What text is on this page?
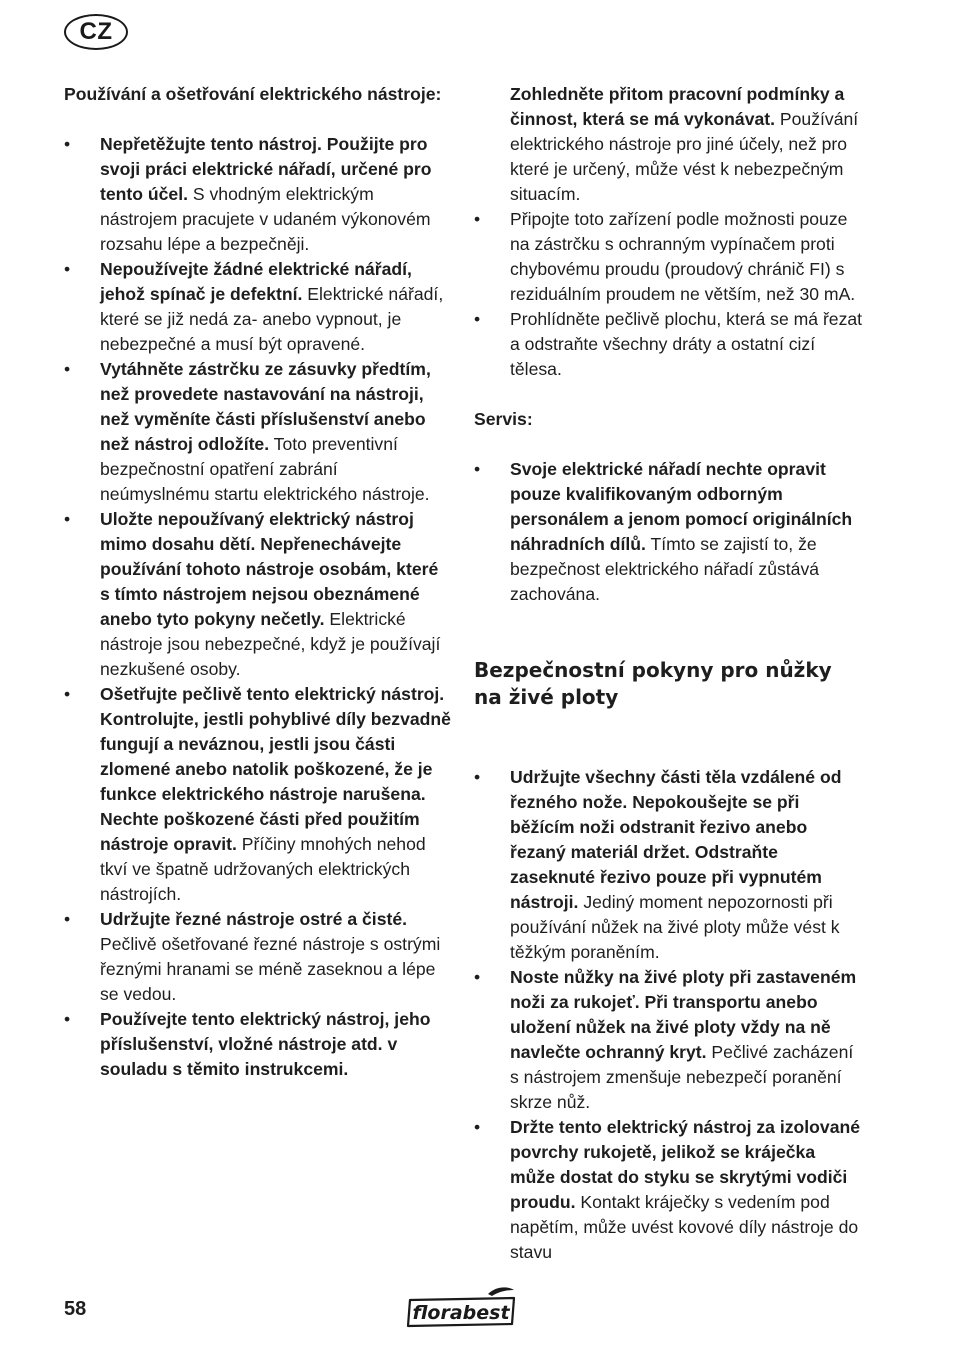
CZ

Používání a ošetřování elektrického nástroje:

• Nepřetěžujte tento nástroj. Použijte pro svoji práci elektrické nářadí, určené pro tento účel. S vhodným elektrickým nástrojem pracujete v udaném výkonovém rozsahu lépe a bezpečněji.
• Nepoužívejte žádné elektrické nářadí, jehož spínač je defektní. Elektrické nářadí, které se již nedá za- anebo vypnout, je nebezpečné a musí být opravené.
• Vytáhněte zástrčku ze zásuvky předtím, než provedete nastavování na nástroji, než vyměníte části příslušenství anebo než nástroj odložíte. Toto preventivní bezpečnostní opatření zabrání neúmyslnému startu elektrického nástroje.
• Uložte nepoužívaný elektrický nástroj mimo dosahu dětí. Nepřenechávejte používání tohoto nástroje osobám, které s tímto nástrojem nejsou obeznámené anebo tyto pokyny nečetly. Elektrické nástroje jsou nebezpečné, když je používají nezkušené osoby.
• Ošetřujte pečlivě tento elektrický nástroj. Kontrolujte, jestli pohyblivé díly bezvadně fungují a neváznou, jestli jsou části zlomené anebo natolik poškozené, že je funkce elektrického nástroje narušena. Nechte poškozené části před použitím nástroje opravit. Příčiny mnohých nehod tkví ve špatně udržovaných elektrických nástrojích.
• Udržujte řezné nástroje ostré a čisté. Pečlivě ošetřované řezné nástroje s ostrými řeznými hranami se méně zaseknou a lépe se vedou.
• Používejte tento elektrický nástroj, jeho příslušenství, vložné nástroje atd. v souladu s těmito instrukcemi.
Zohledněte přitom pracovní podmínky a činnost, která se má vykonávat. Používání elektrického nástroje pro jiné účely, než pro které je určený, může vést k nebezpečným situacím.
• Připojte toto zařízení podle možnosti pouze na zástrčku s ochranným vypínačem proti chybovému proudu (proudový chránič FI) s reziduálním proudem ne větším, než 30 mA.
• Prohlídněte pečlivě plochu, která se má řezat a odstraňte všechny dráty a ostatní cizí tělesa.

Servis:

• Svoje elektrické nářadí nechte opravit pouze kvalifikovaným odborným personálem a jenom pomocí originálních náhradních dílů. Tímto se zajistí to, že bezpečnost elektrického nářadí zůstává zachována.
Bezpečnostní pokyny pro nůžky na živé ploty
• Udržujte všechny části těla vzdálené od řezného nože. Nepokoušejte se při běžícím noži odstranit řezivo anebo řezaný materiál držet. Odstraňte zaseknuté řezivo pouze při vypnutém nástroji. Jediný moment nepozornosti při používání nůžek na živé ploty může vést k těžkým poraněním.
• Noste nůžky na živé ploty při zastaveném noži za rukojeť. Při transportu anebo uložení nůžek na živé ploty vždy na ně navlečte ochranný kryt. Pečlivé zacházení s nástrojem zmenšuje nebezpečí poranění skrze nůž.
• Držte tento elektrický nástroj za izolované povrchy rukojetě, jelikož se kráječka může dostat do styku se skrytými vodiči proudu. Kontakt kráječky s vedením pod napětím, může uvést kovové díly nástroje do stavu
58	florabest
